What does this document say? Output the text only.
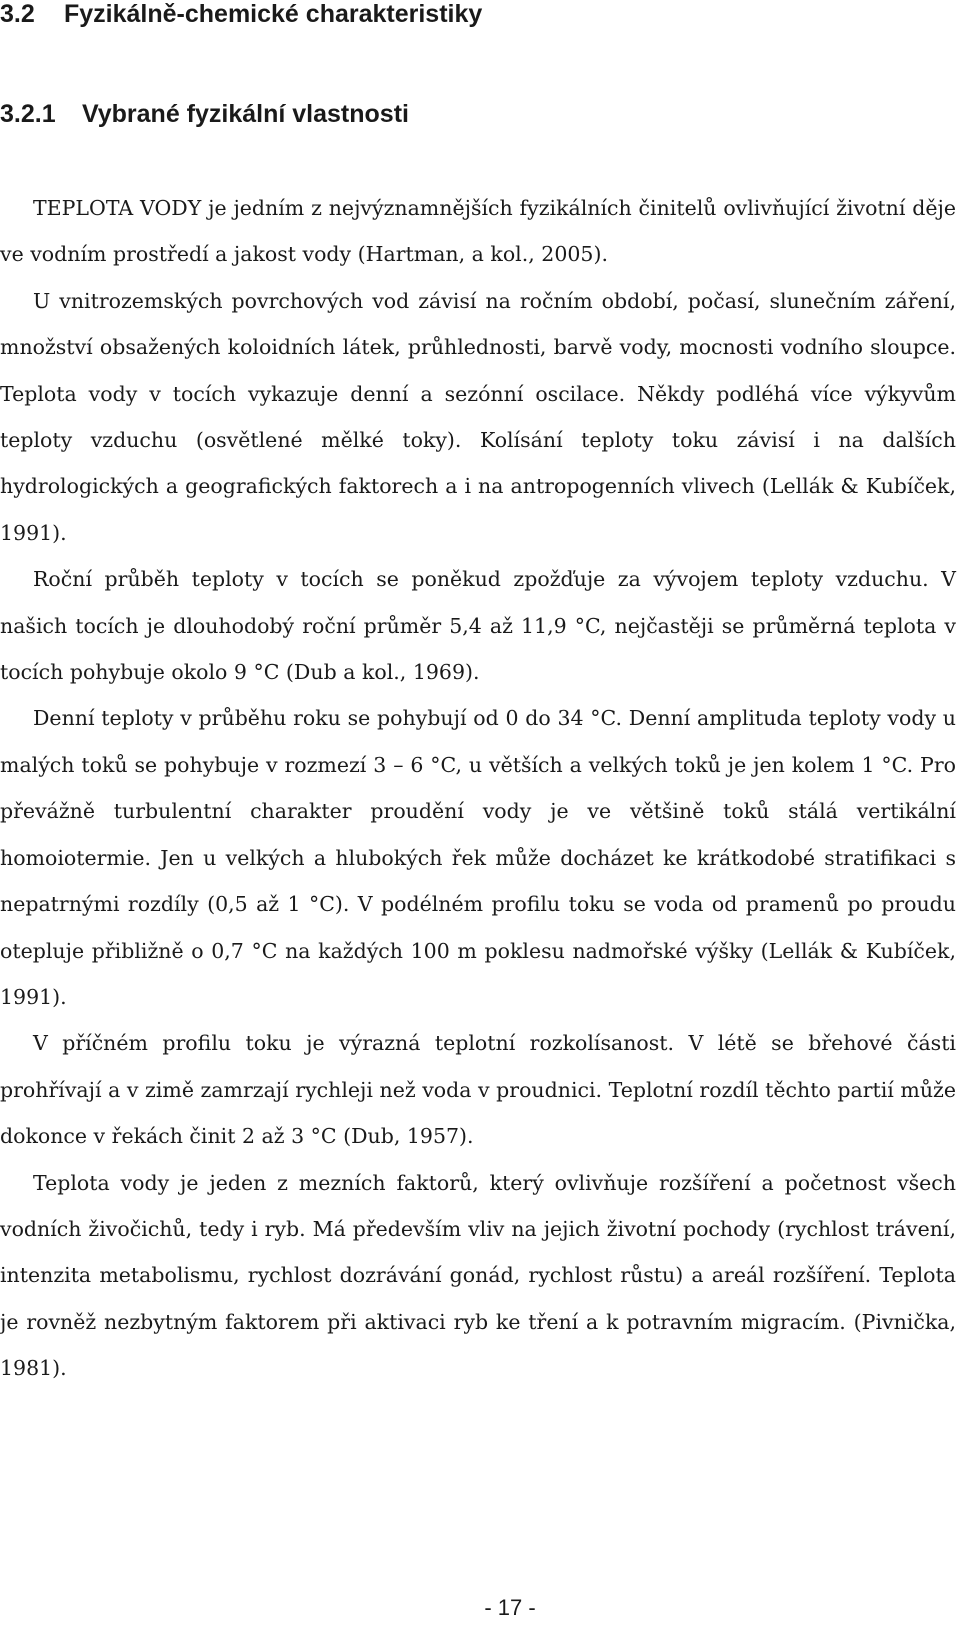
3.2 Fyzikálně-chemické charakteristiky
3.2.1 Vybrané fyzikální vlastnosti

TEPLOTA VODY je jedním z nejvýznamnějších fyzikálních činitelů ovlivňující životní děje ve vodním prostředí a jakost vody (Hartman, a kol., 2005).

U vnitrozemských povrchových vod závisí na ročním období, počasí, slunečním záření, množství obsažených koloidních látek, průhlednosti, barvě vody, mocnosti vodního sloupce. Teplota vody v tocích vykazuje denní a sezónní oscilace. Někdy podléhá více výkyvům teploty vzduchu (osvětlené mělké toky). Kolísání teploty toku závisí i na dalších hydrologických a geografických faktorech a i na antropogenních vlivech (Lellák & Kubíček, 1991).

Roční průběh teploty v tocích se poněkud zpožďuje za vývojem teploty vzduchu. V našich tocích je dlouhodobý roční průměr 5,4 až 11,9 °C, nejčastěji se průměrná teplota v tocích pohybuje okolo 9 °C (Dub a kol., 1969).

Denní teploty v průběhu roku se pohybují od 0 do 34 °C. Denní amplituda teploty vody u malých toků se pohybuje v rozmezí 3 – 6 °C, u větších a velkých toků je jen kolem 1 °C. Pro převážně turbulentní charakter proudění vody je ve většině toků stálá vertikální homoiotermie. Jen u velkých a hlubokých řek může docházet ke krátkodobé stratifikaci s nepatrnými rozdíly (0,5 až 1 °C). V podélném profilu toku se voda od pramenů po proudu otepluje přibližně o 0,7 °C na každých 100 m poklesu nadmořské výšky (Lellák & Kubíček, 1991).

V příčném profilu toku je výrazná teplotní rozkolísanost. V létě se břehové části prohřívají a v zimě zamrzají rychleji než voda v proudnici. Teplotní rozdíl těchto partií může dokonce v řekách činit 2 až 3 °C (Dub, 1957).

Teplota vody je jeden z mezních faktorů, který ovlivňuje rozšíření a početnost všech vodních živočichů, tedy i ryb. Má především vliv na jejich životní pochody (rychlost trávení, intenzita metabolismu, rychlost dozrávání gonád, rychlost růstu) a areál rozšíření. Teplota je rovněž nezbytným faktorem při aktivaci ryb ke tření a k potravním migracím. (Pivnička, 1981).

- 17 -
